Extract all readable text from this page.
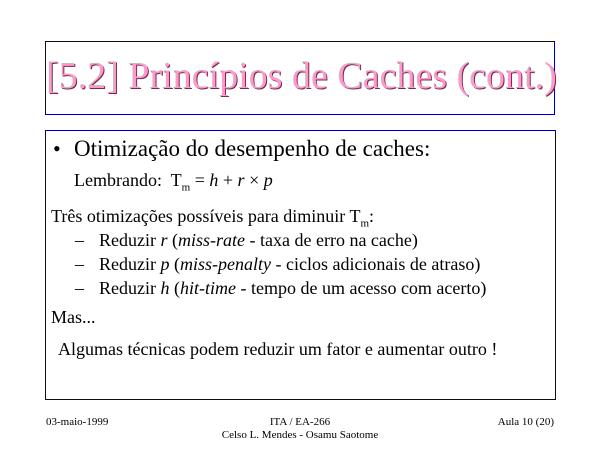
[5.2] Princípios de Caches (cont.)
• Otimização do desempenho de caches:
Lembrando: $T_m = h + r \times p$
Três otimizações possíveis para diminuir $T_m$:
– Reduzir r (miss-rate - taxa de erro na cache)
– Reduzir p (miss-penalty - ciclos adicionais de atraso)
– Reduzir h (hit-time - tempo de um acesso com acerto)
Mas...
Algumas técnicas podem reduzir um fator e aumentar outro !
03-maio-1999	ITA / EA-266
Celso L. Mendes - Osamu Saotome
Aula 10 (20)
